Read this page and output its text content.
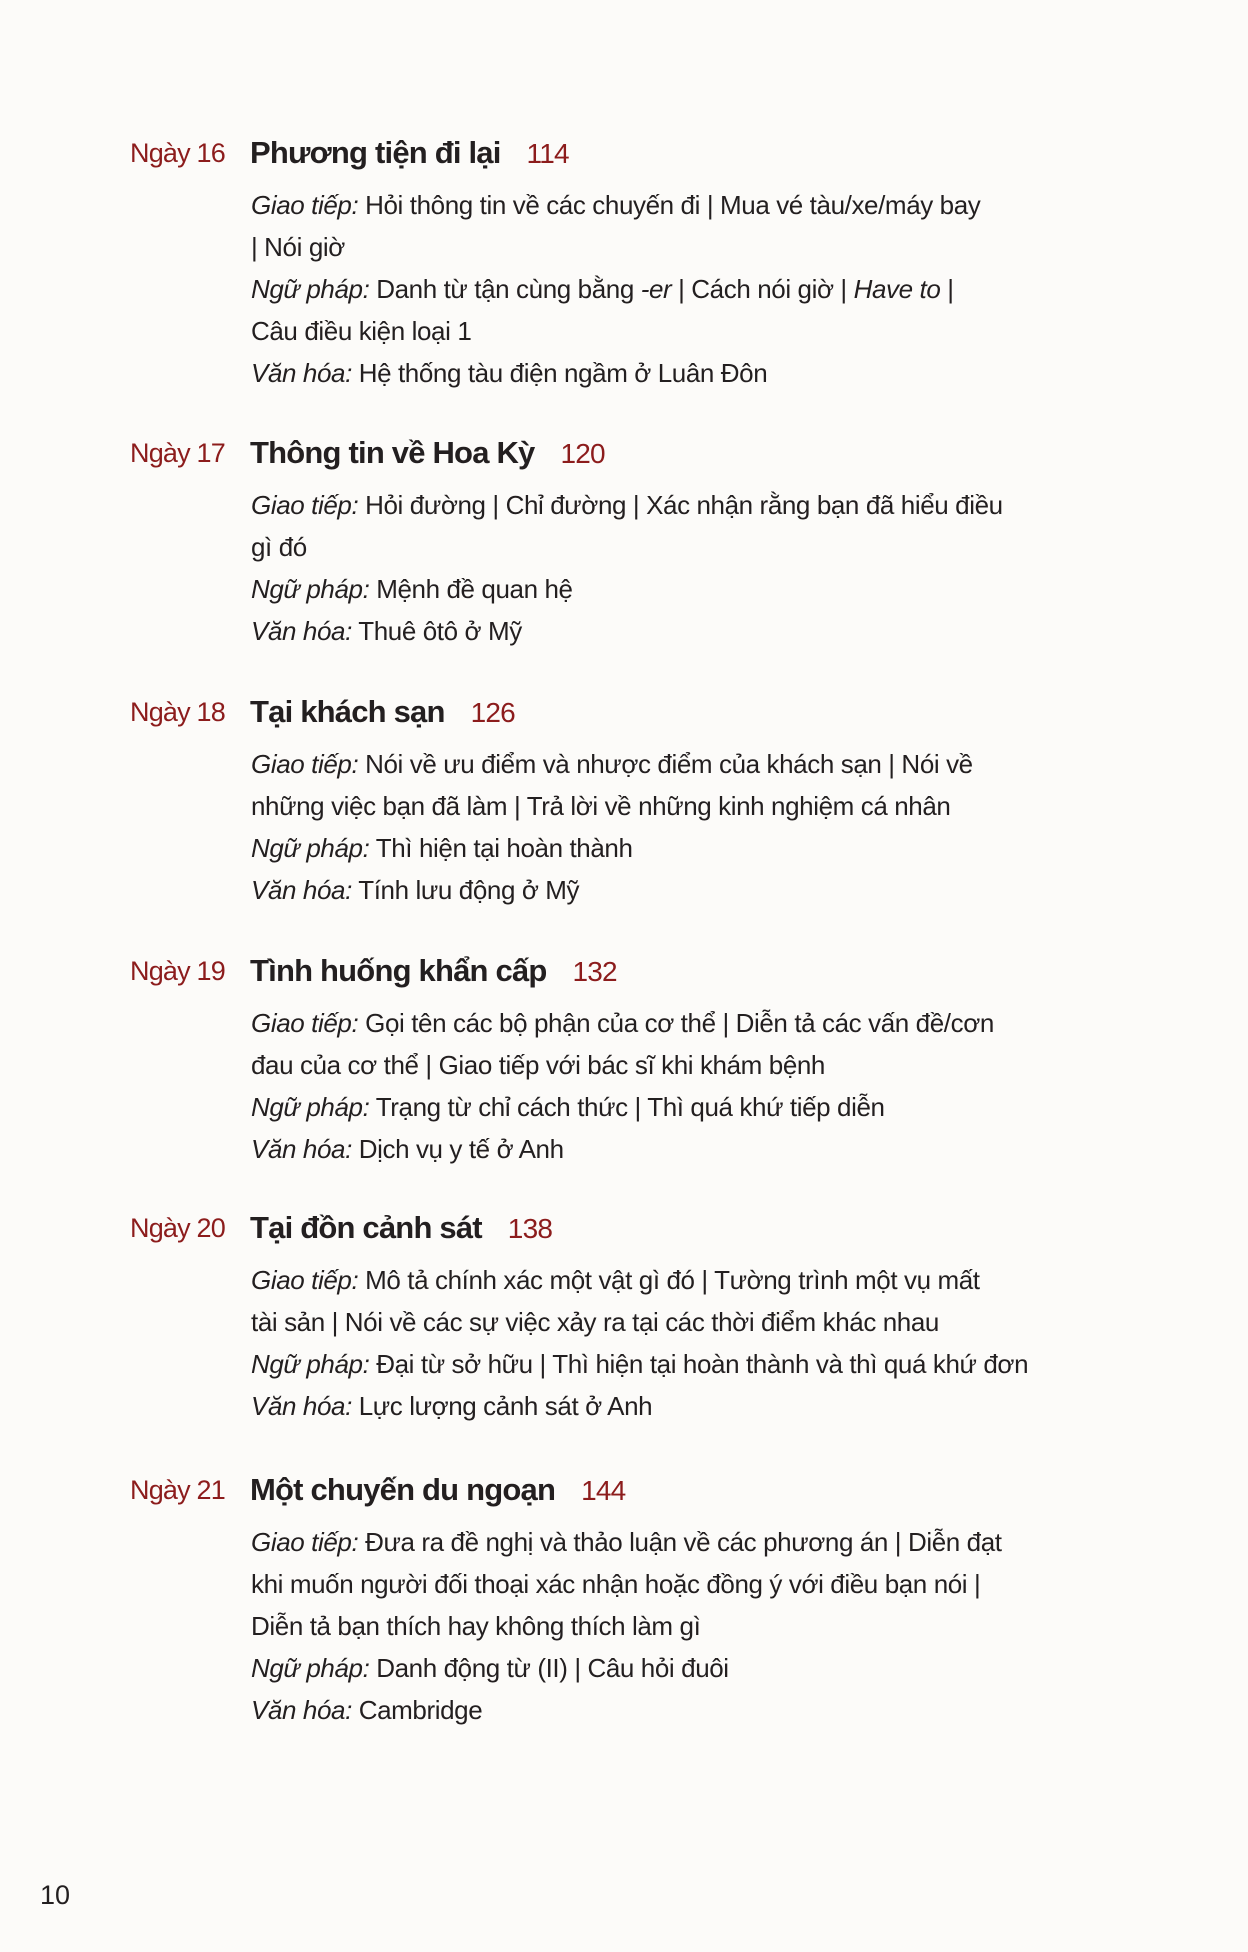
Ngày 16 Phương tiện đi lại 114
Giao tiếp: Hỏi thông tin về các chuyến đi | Mua vé tàu/xe/máy bay
| Nói giờ
Ngữ pháp: Danh từ tận cùng bằng -er | Cách nói giờ | Have to |
Câu điều kiện loại 1
Văn hóa: Hệ thống tàu điện ngầm ở Luân Đôn
Ngày 17 Thông tin về Hoa Kỳ 120
Giao tiếp: Hỏi đường | Chỉ đường | Xác nhận rằng bạn đã hiểu điều
gì đó
Ngữ pháp: Mệnh đề quan hệ
Văn hóa: Thuê ôtô ở Mỹ
Ngày 18 Tại khách sạn 126
Giao tiếp: Nói về ưu điểm và nhược điểm của khách sạn | Nói về
những việc bạn đã làm | Trả lời về những kinh nghiệm cá nhân
Ngữ pháp: Thì hiện tại hoàn thành
Văn hóa: Tính lưu động ở Mỹ
Ngày 19 Tình huống khẩn cấp 132
Giao tiếp: Gọi tên các bộ phận của cơ thể | Diễn tả các vấn đề/cơn
đau của cơ thể | Giao tiếp với bác sĩ khi khám bệnh
Ngữ pháp: Trạng từ chỉ cách thức | Thì quá khứ tiếp diễn
Văn hóa: Dịch vụ y tế ở Anh
Ngày 20 Tại đồn cảnh sát 138
Giao tiếp: Mô tả chính xác một vật gì đó | Tường trình một vụ mất
tài sản | Nói về các sự việc xảy ra tại các thời điểm khác nhau
Ngữ pháp: Đại từ sở hữu | Thì hiện tại hoàn thành và thì quá khứ đơn
Văn hóa: Lực lượng cảnh sát ở Anh
Ngày 21 Một chuyến du ngoạn 144
Giao tiếp: Đưa ra đề nghị và thảo luận về các phương án | Diễn đạt
khi muốn người đối thoại xác nhận hoặc đồng ý với điều bạn nói |
Diễn tả bạn thích hay không thích làm gì
Ngữ pháp: Danh động từ (II) | Câu hỏi đuôi
Văn hóa: Cambridge
10
